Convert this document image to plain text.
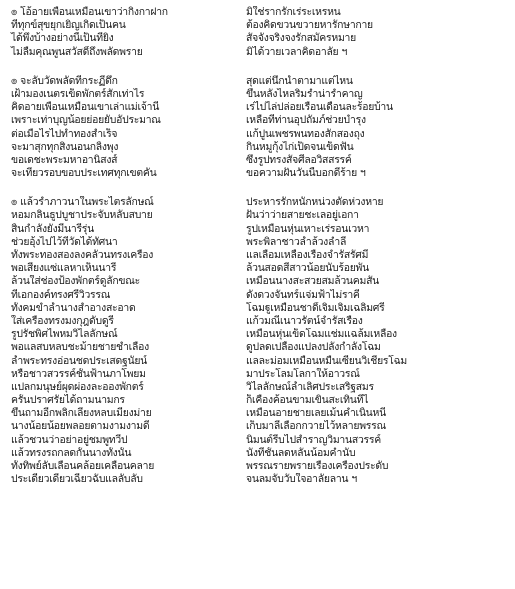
๏ โอ้อายเพื่อนเหมือนเขาว่ากิ่งกาฝาก	มิใช่รากรักเร่ระเหรหน
ที่ทุกข์สุขยุกเยิ่ญเกิดเป็นคน	ต้องคิดขวนขวายหารักษากาย
ได้พึ่งบ้างอย่างนี้เป็นที่ยิ่ง	สัจจังจริงจงรักสมัครหมาย
ไม่ลืมคุณพูนสวัสดิ์ถึงพลัดพราย	มิได้วายเวลาคิดอาลัย ฯ
๏ จะลับวัดพลัดที่กระฏีดึก	สุดแต่นึกน้ำตามาแต่ไหน
เฝ้ามองเนตรเข็ดพักตร์สักเท่าไร	ขึ้นหลังไหลริมร่ำน่ารำคาญ
คิดอายเพื่อนเหมือนเขาเล่าแม่เจ้านี่	เร่ไปไล่ปล่อยเรือนเดือนละร้อยบ้าน
เพราะเท่าบุญน้อยย่อยยับอัประมาณ	เหลือที่ท่านอุปถัมภ์ช่วยบำรุง
ต่อเมื่อไรไปทำทองสำเร็จ	แก้ปูนเพชรพนทองสักสองถุง
จะมาสุกทุกสิ่งนอนกลิ้งพุง	กินหมูกุ้งไก่เป็ดจนเข็ดฟัน
ขอเดชะพระมหาอานิสงส์	ซึ่งรูปทรงสัจศีลอวิสสรรค์
จะเที่ยวรอบขอบประเทศทุกเขตคัน	ขอความฝันวันนี้บอกดีร้าย ฯ
๏ แล้วร่ำภาวนาในพระไตรลักษณ์	ประหารรักหนักหน่วงตัดห่วงหาย
หอมกลิ่นธูปบูชาประจับหลับสบาย	ฝันว่าว่ายสายชะเลอยู่เอกา
สิ้นกำลังยังมีนารีรุ่น	รูปเหมือนหุ่นเหาะเร่รอนเวหา
ช่วยอุ้งไปไว้ที่วัดได้ทัศนา	พระพิลาชาวล้ำล้วงลำลี
ทั้งพระทองสองลงคลัวนทรงเครื่อง	แลเลื่อมเหลืองเรืองจำรัสรัศมี
พอเสียงแซ่แลหาเห็นนารี	ล้วนสอดสีสาวน้อยนับร้อยพัน
ล้วนใส่ช่องป้องพักตร์ดูลักขณะ	เหมือนนางสะสวยสมล้วนคมสัน
ที่เอกองค์ทรงศรีวิวรรณ	ดังดวงจันทร์แจ่มฟ้าไม่ราคี
ทั้งคมขำล้ำนางสำอางสะอาด	โฉมฐูเหมือนชาดิ์เจิมเจิมเฉลิมศรี
ใส่เครื่องทรงมงกุฎดับดูรี	แก้วมณีเนาวรัตน์จำรัสเรือง
รูปรัชพิศไพหมวิไลลักษณ์	เหมือนหุ่นเข็ดโฉมแช่มแฉล้มเหลือง
พอแลสบหลบชะม้ายชายชำเลือง	ดูปลดเปลื้องแปลงปลั่งกำลังโฉม
ล้ำพระทรงอ่อนชดประเสดฐนัยน์	แลละม่อมเหมือนหมื่นเซียนวิเชียรโฉม
หรือชาวสวรรค์ชั้นฟ้านภาโพยม	มาประโลมโลกาให้อาวรณ์
แปลกมนุษย์ผุดผ่องละอองพักตร์	วิไลลักษณ์ล้ำเลิศประเสริฐสมร
ครั้นปราศรัยได้ถามนามกร	ก็เคืองค้อนขามเขินสะเทินทีไ
ขึ้นถามอีกพลิกเลี่ยงหลบเมียงม่าย	เหมือนอายชายเลยเม้นคำเนิ้นหนี
นางน้อยน้อยพลอยตามงามงามดี	เก็บมาลีเลือกกวายไว้หลายพรรณ
แล้วชวนว่าอย่าอยู่ชมพูทวีป	นิมนต์รีบไปสำราญวิมานสวรรค์
แล้วทรงรถกลดกั้นนางทั้งนั้น	นั่งที่ชั้นลดหลั่นน้อมคำนับ
ทั้งทิพย์ลับเลื่อนคล้อยเคลื่อนคลาย	พรรณรายพรายเรืองเครื่องประดับ
ประเดี๋ยวเดียวเฉียวฉับแลลับลับ	จนลมจับวับใจอาลัยลาน ฯ
